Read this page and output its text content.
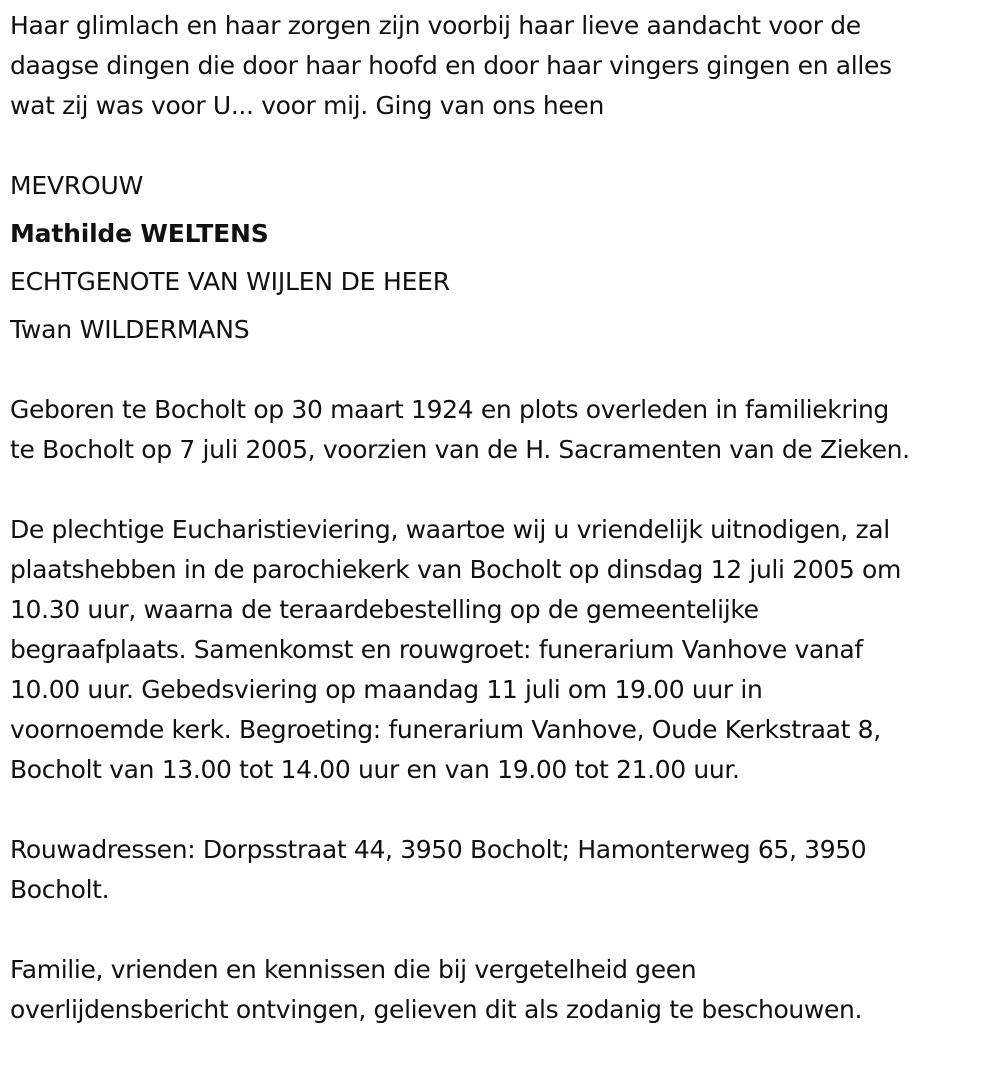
Haar glimlach en haar zorgen zijn voorbij haar lieve aandacht voor de
daagse dingen die door haar hoofd en door haar vingers gingen en alles
wat zij was voor U... voor mij. Ging van ons heen

MEVROUW
Mathilde WELTENS
ECHTGENOTE VAN WIJLEN DE HEER
Twan WILDERMANS

Geboren te Bocholt op 30 maart 1924 en plots overleden in familiekring
te Bocholt op 7 juli 2005, voorzien van de H. Sacramenten van de Zieken.

De plechtige Eucharistieviering, waartoe wij u vriendelijk uitnodigen, zal
plaatshebben in de parochiekerk van Bocholt op dinsdag 12 juli 2005 om
10.30 uur, waarna de teraardebestelling op de gemeentelijke
begraafplaats. Samenkomst en rouwgroet: funerarium Vanhove vanaf
10.00 uur. Gebedsviering op maandag 11 juli om 19.00 uur in
voornoemde kerk. Begroeting: funerarium Vanhove, Oude Kerkstraat 8,
Bocholt van 13.00 tot 14.00 uur en van 19.00 tot 21.00 uur.

Rouwadressen: Dorpsstraat 44, 3950 Bocholt; Hamonterweg 65, 3950
Bocholt.

Familie, vrienden en kennissen die bij vergetelheid geen
overlijdensbericht ontvingen, gelieven dit als zodanig te beschouwen.
